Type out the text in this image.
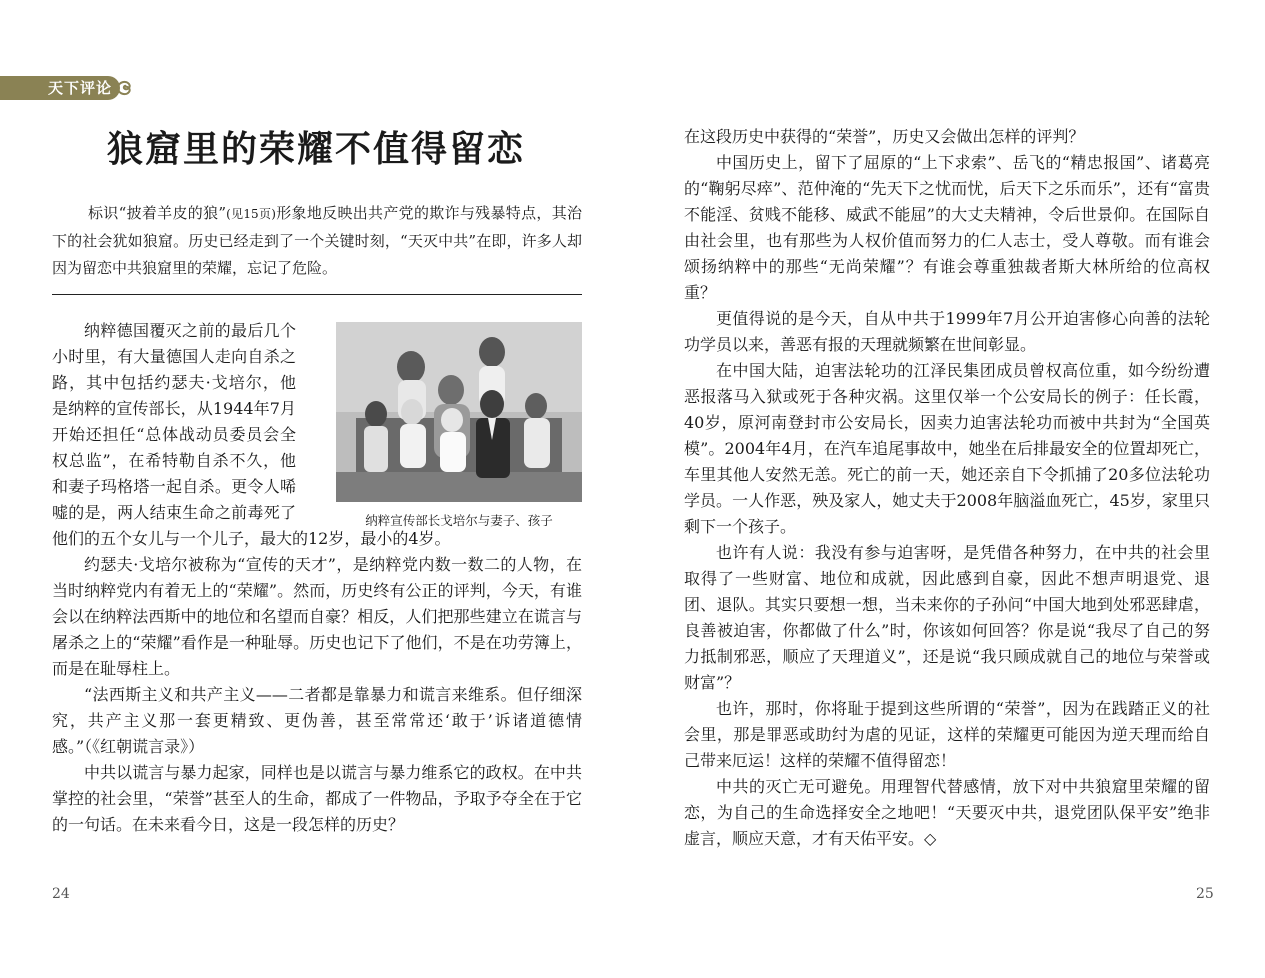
天下评论
狼窟里的荣耀不值得留恋

标识“披着羊皮的狼”(见15页)形象地反映出共产党的欺诈与残暴特点，其治下的社会犹如狼窟。历史已经走到了一个关键时刻，“天灭中共”在即，许多人却因为留恋中共狼窟里的荣耀，忘记了危险。

纳粹宣传部长戈培尔与妻子、孩子

纳粹德国覆灭之前的最后几个小时里，有大量德国人走向自杀之路，其中包括约瑟夫·戈培尔，他是纳粹的宣传部长，从1944年7月开始还担任“总体战动员委员会全权总监”，在希特勒自杀不久，他和妻子玛格塔一起自杀。更令人唏嘘的是，两人结束生命之前毒死了他们的五个女儿与一个儿子，最大的12岁，最小的4岁。

约瑟夫·戈培尔被称为“宣传的天才”，是纳粹党内数一数二的人物，在当时纳粹党内有着无上的“荣耀”。然而，历史终有公正的评判，今天，有谁会以在纳粹法西斯中的地位和名望而自豪？相反，人们把那些建立在谎言与屠杀之上的“荣耀”看作是一种耻辱。历史也记下了他们，不是在功劳簿上，而是在耻辱柱上。

“法西斯主义和共产主义——二者都是靠暴力和谎言来维系。但仔细深究，共产主义那一套更精致、更伪善，甚至常常还‘敢于’诉诸道德情感。”（《红朝谎言录》）

中共以谎言与暴力起家，同样也是以谎言与暴力维系它的政权。在中共掌控的社会里，“荣誉”甚至人的生命，都成了一件物品，予取予夺全在于它的一句话。在未来看今日，这是一段怎样的历史？

在这段历史中获得的“荣誉”，历史又会做出怎样的评判？

中国历史上，留下了屈原的“上下求索”、岳飞的“精忠报国”、诸葛亮的“鞠躬尽瘁”、范仲淹的“先天下之忧而忧，后天下之乐而乐”，还有“富贵不能淫、贫贱不能移、威武不能屈”的大丈夫精神，令后世景仰。在国际自由社会里，也有那些为人权价值而努力的仁人志士，受人尊敬。而有谁会颂扬纳粹中的那些“无尚荣耀”？有谁会尊重独裁者斯大林所给的位高权重？

更值得说的是今天，自从中共于1999年7月公开迫害修心向善的法轮功学员以来，善恶有报的天理就频繁在世间彰显。

在中国大陆，迫害法轮功的江泽民集团成员曾权高位重，如今纷纷遭恶报落马入狱或死于各种灾祸。这里仅举一个公安局长的例子：任长霞，40岁，原河南登封市公安局长，因卖力迫害法轮功而被中共封为“全国英模”。2004年4月，在汽车追尾事故中，她坐在后排最安全的位置却死亡，车里其他人安然无恙。死亡的前一天，她还亲自下令抓捕了20多位法轮功学员。一人作恶，殃及家人，她丈夫于2008年脑溢血死亡，45岁，家里只剩下一个孩子。

也许有人说：我没有参与迫害呀，是凭借各种努力，在中共的社会里取得了一些财富、地位和成就，因此感到自豪，因此不想声明退党、退团、退队。其实只要想一想，当未来你的子孙问“中国大地到处邪恶肆虐，良善被迫害，你都做了什么”时，你该如何回答？你是说“我尽了自己的努力抵制邪恶，顺应了天理道义”，还是说“我只顾成就自己的地位与荣誉或财富”？

也许，那时，你将耻于提到这些所谓的“荣誉”，因为在践踏正义的社会里，那是罪恶或助纣为虐的见证，这样的荣耀更可能因为逆天理而给自己带来厄运！这样的荣耀不值得留恋！

中共的灭亡无可避免。用理智代替感情，放下对中共狼窟里荣耀的留恋，为自己的生命选择安全之地吧！“天要灭中共，退党团队保平安”绝非虚言，顺应天意，才有天佑平安。◇

24	25
